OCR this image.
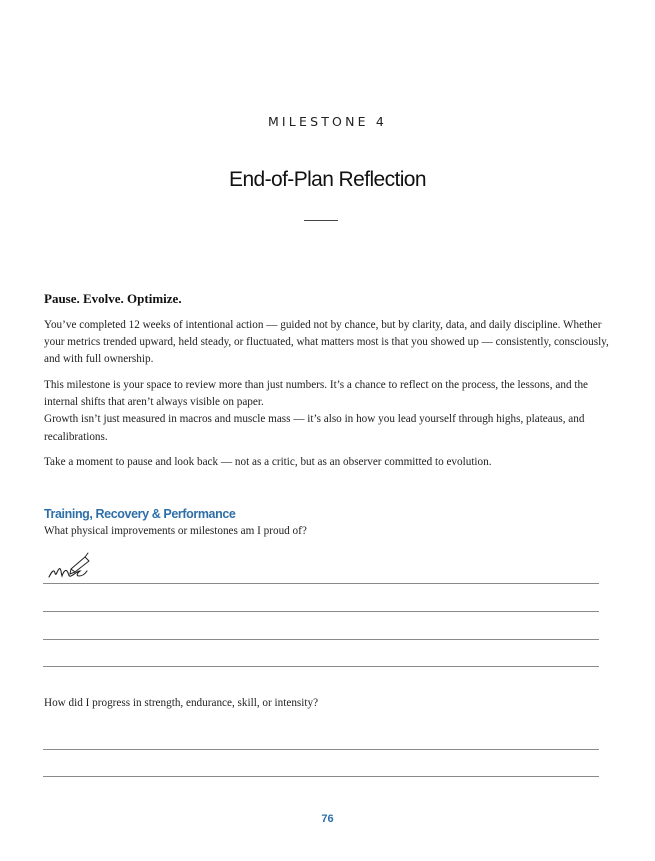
MILESTONE 4
End-of-Plan Reflection
Pause. Evolve. Optimize.

You’ve completed 12 weeks of intentional action — guided not by chance, but by clarity, data, and daily discipline. Whether your metrics trended upward, held steady, or fluctuated, what matters most is that you showed up — consistently, consciously, and with full ownership.

This milestone is your space to review more than just numbers. It’s a chance to reflect on the process, the lessons, and the internal shifts that aren’t always visible on paper.
Growth isn’t just measured in macros and muscle mass — it’s also in how you lead yourself through highs, plateaus, and recalibrations.

Take a moment to pause and look back — not as a critic, but as an observer committed to evolution.

Training, Recovery & Performance
What physical improvements or milestones am I proud of?
How did I progress in strength, endurance, skill, or intensity?
76
